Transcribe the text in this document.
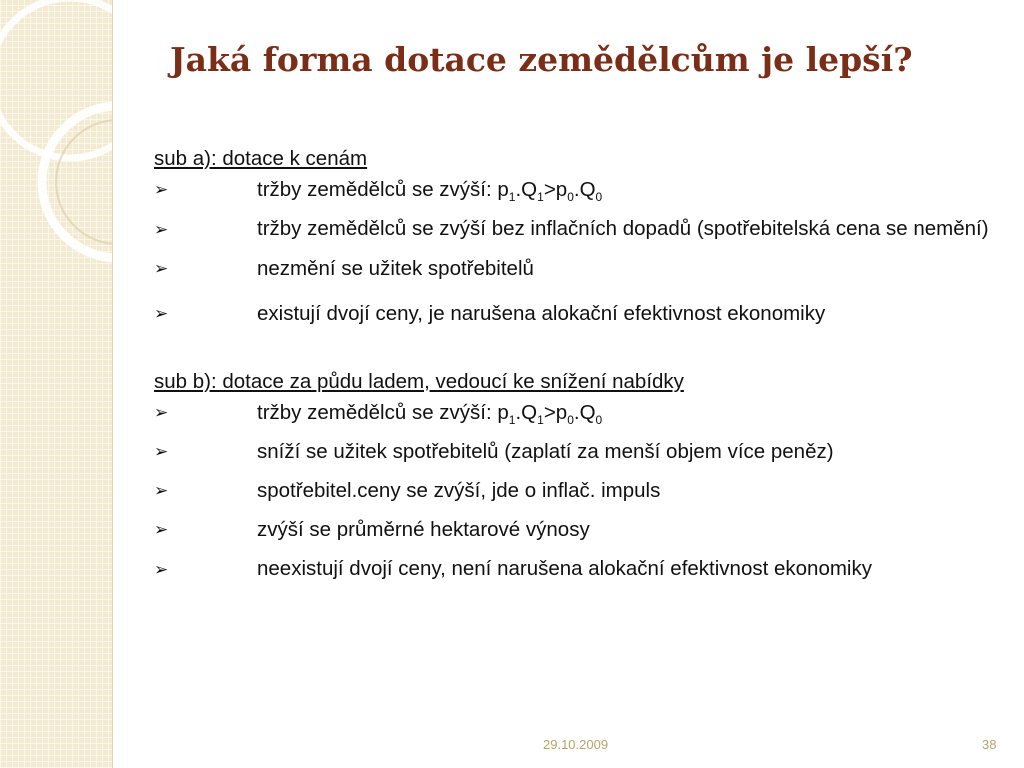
Jaká forma dotace zemědělcům je lepší?

sub a): dotace k cenám

➢	tržby zemědělců se zvýší: $p_1.Q_1>p_0.Q_0$
➢	tržby zemědělců se zvýší bez inflačních dopadů (spotřebitelská cena se nemění)
➢	nezmění se užitek spotřebitelů
➢	existují dvojí ceny, je narušena alokační efektivnost ekonomiky

sub b): dotace za půdu ladem, vedoucí ke snížení nabídky

➢	tržby zemědělců se zvýší: $p_1.Q_1>p_0.Q_0$
➢	sníží se užitek spotřebitelů (zaplatí za menší objem více peněz)
➢	spotřebitel.ceny se zvýší, jde o inflač. impuls
➢	zvýší se průměrné hektarové výnosy
➢	neexistují dvojí ceny, není narušena alokační efektivnost ekonomiky
29.10.2009	38
